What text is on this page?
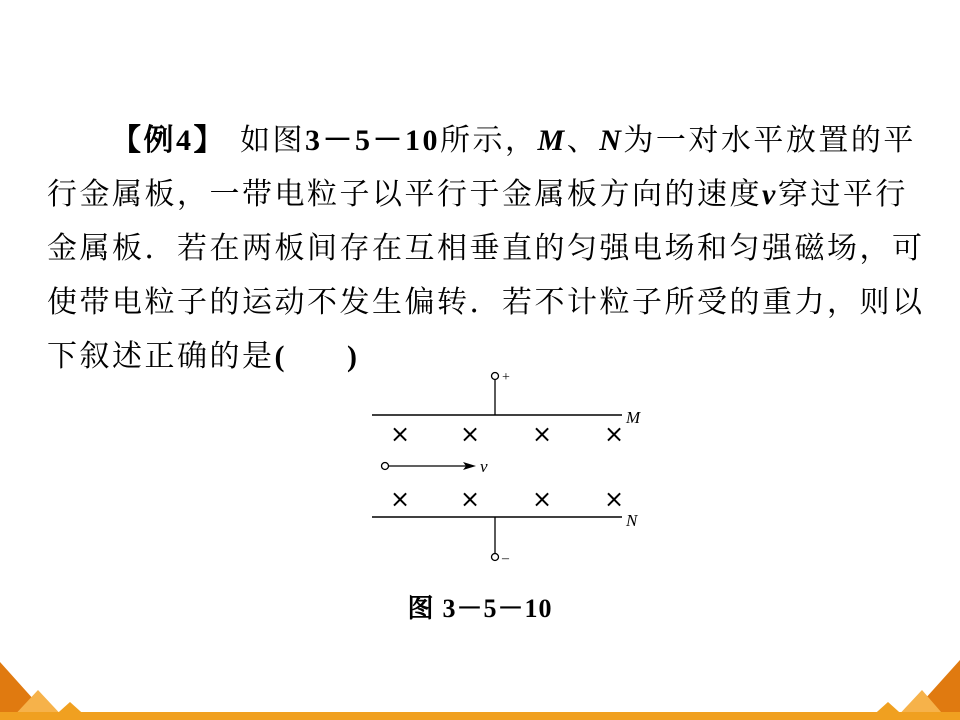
【例4】 如图3－5－10所示，M、N为一对水平放置的平
行金属板，一带电粒子以平行于金属板方向的速度v穿过平行
金属板．若在两板间存在互相垂直的匀强电场和匀强磁场，可
使带电粒子的运动不发生偏转．若不计粒子所受的重力，则以
下叙述正确的是( )
+
M
× × × ×
v
× × × ×
N
–
图 3－5－10
